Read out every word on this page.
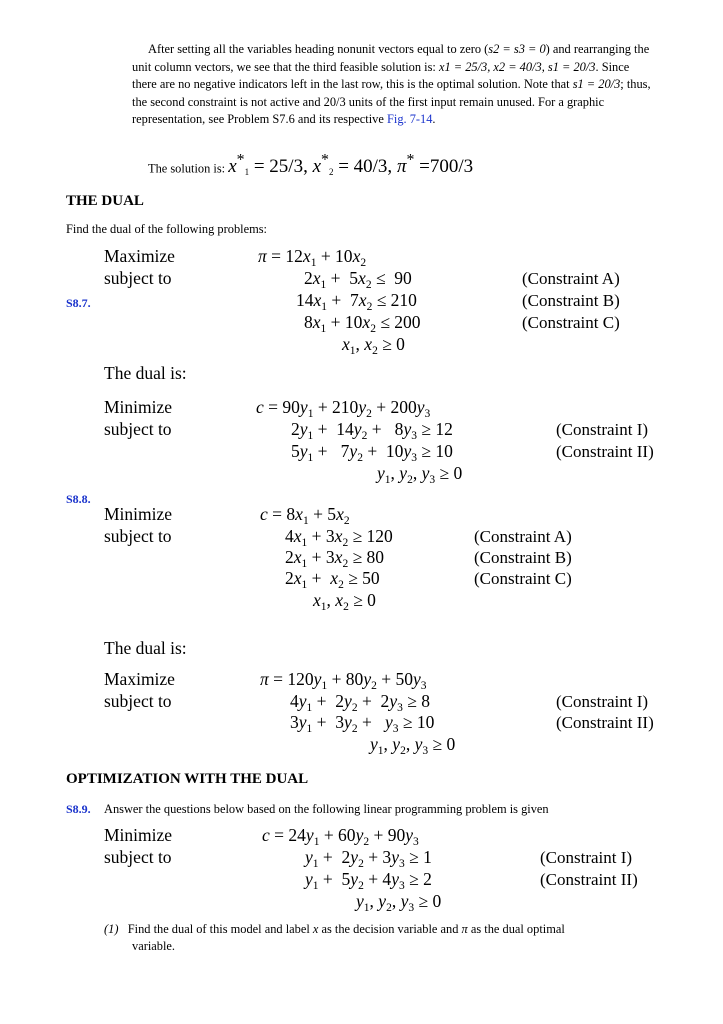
After setting all the variables heading nonunit vectors equal to zero (s2 = s3 = 0) and rearranging the unit column vectors, we see that the third feasible solution is: x1 = 25/3, x2 = 40/3, s1 = 20/3. Since there are no negative indicators left in the last row, this is the optimal solution. Note that s1 = 20/3; thus, the second constraint is not active and 20/3 units of the first input remain unused. For a graphic representation, see Problem S7.6 and its respective Fig. 7-14.
The solution is: $x^*_1 = 25/3$, $x^*_2 = 40/3$, π* =700/3
THE DUAL
Find the dual of the following problems:
S8.7.
Maximize
subject to
$\pi = 12x_1 + 10x_2$
$2x_1 + 5x_2 \le 90$
$14x_1 + 7x_2 \le 210$
$8x_1 + 10x_2 \le 200$
$x_1$, $x_2 \ge 0$
(Constraint A)
(Constraint B)
(Constraint C)
The dual is:
Minimize
subject to
$c = 90y_1 + 210y_2 + 200y_3$
$2y_1 + 14y_2 + 8y_3 \ge 12$
$5y_1 + 7y_2 + 10y_3 \ge 10$
$y_1$, $y_2$, $y_3 \ge 0$
(Constraint I)
(Constraint II)
S8.8.
Minimize
subject to
$c = 8x_1 + 5x_2$
$4x_1 + 3x_2 \ge 120$
$2x_1 + 3x_2 \ge 80$
$2x_1 + x_2 \ge 50$
$x_1$, $x_2 \ge 0$
(Constraint A)
(Constraint B)
(Constraint C)
The dual is:
Maximize
subject to
$\pi = 120y_1 + 80y_2 + 50y_3$
$4y_1 + 2y_2 + 2y_3 \ge 8$
$3y_1 + 3y_2 + y_3 \ge 10$
$y_1$, $y_2$, $y_3 \ge 0$
(Constraint I)
(Constraint II)
OPTIMIZATION WITH THE DUAL
S8.9. Answer the questions below based on the following linear programming problem is given
Minimize
subject to
$c = 24y_1 + 60y_2 + 90y_3$
$y_1 + 2y_2 + 3y_3 \ge 1$
$y_1 + 5y_2 + 4y_3 \ge 2$
$y_1$, $y_2$, $y_3 \ge 0$
(Constraint I)
(Constraint II)
(1) Find the dual of this model and label x as the decision variable and π as the dual optimal
variable.
